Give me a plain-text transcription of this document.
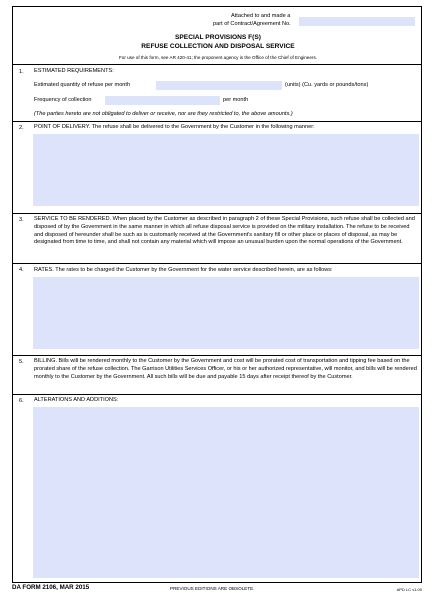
Attached to and made a
part of Contract/Agreement No.
SPECIAL PROVISIONS F(S)
REFUSE COLLECTION AND DISPOSAL SERVICE
For use of this form, see AR 420-41; the proponent agency is the Office of the Chief of Engineers.
1. ESTIMATED REQUIREMENTS:
Estimated quantity of refuse per month	(units) (Cu. yards or pounds/tons)
Frequency of collection	per month
(The parties hereto are not obligated to deliver or receive, nor are they restricted to, the above amounts.)
2. POINT OF DELIVERY. The refuse shall be delivered to the Government by the Customer in the following manner:
3. SERVICE TO BE RENDERED. When placed by the Customer as described in paragraph 2 of these Special Provisions, such refuse shall be collected and disposed of by the Government in the same manner in which all refuse disposal service is provided on the military installation. The refuse to be received and disposed of hereunder shall be such as is customarily received at the Government's sanitary fill or other place or places of disposal, as may be designated from time to time, and shall not contain any material which will impose an unusual burden upon the normal operations of the Government.
4. RATES. The rates to be charged the Customer by the Government for the water service described herein, are as follows:
5. BILLING. Bills will be rendered monthly to the Customer by the Government and cost will be prorated cost of transportation and tipping fee based on the prorated share of the refuse collection. The Garrison Utilities Services Officer, or his or her authorized representative, will monitor, and bills will be rendered monthly to the Customer by the Government. All such bills will be due and payable 15 days after receipt thereof by the Customer.
6. ALTERATIONS AND ADDITIONS:
DA FORM 2106, MAR 2015	PREVIOUS EDITIONS ARE OBSOLETE.	APD LC v1.00
